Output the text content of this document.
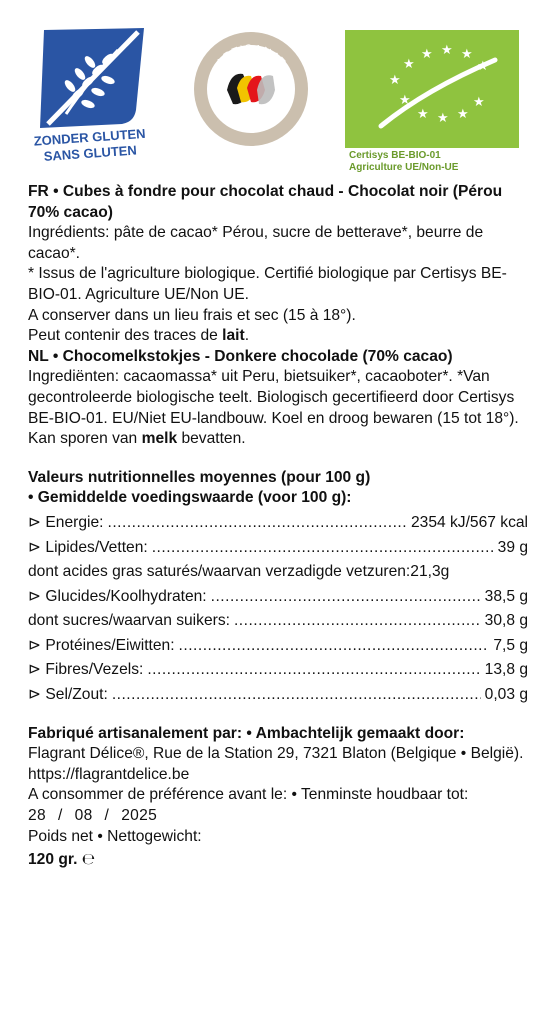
ZONDER GLUTEN
SANS GLUTEN
ARTISANAT
CERTIFIÉ
★
★
★ ★ ★
★
★
★ ★ ★
★
Certisys BE-BIO-01
Agriculture UE/Non-UE

FR • Cubes à fondre pour chocolat chaud - Chocolat noir (Pérou 70% cacao)

Ingrédients: pâte de cacao* Pérou, sucre de betterave*, beurre de cacao*.

* Issus de l'agriculture biologique. Certifié biologique par Certisys BE-BIO-01. Agriculture UE/Non UE.

A conserver dans un lieu frais et sec (15 à 18°).

Peut contenir des traces de lait.

NL • Chocomelkstokjes - Donkere chocolade (70% cacao)

Ingrediënten: cacaomassa* uit Peru, bietsuiker*, cacaoboter*. *Van gecontroleerde biologische teelt. Biologisch gecertifieerd door Certisys BE-BIO-01. EU/Niet EU-landbouw. Koel en droog bewaren (15 tot 18°).

Kan sporen van melk bevatten.

Valeurs nutritionnelles moyennes (pour 100 g)

• Gemiddelde voedingswaarde (voor 100 g):

⊳ Energie: .....	2354 kJ/567 kcal
⊳ Lipides/Vetten: .....	39 g
dont acides gras saturés/waarvan verzadigde vetzuren: 21,3g
⊳ Glucides/Koolhydraten: .....	38,5 g
dont sucres/waarvan suikers: .....	30,8 g
⊳ Protéines/Eiwitten: .....	7,5 g
⊳ Fibres/Vezels: .....	13,8 g
⊳ Sel/Zout: .....	0,03 g

Fabriqué artisanalement par: • Ambachtelijk gemaakt door:

Flagrant Délice®, Rue de la Station 29, 7321 Blaton (Belgique • België). https://flagrantdelice.be

A consommer de préférence avant le: • Tenminste houdbaar tot:

28 / 08 / 2025

Poids net • Nettogewicht:

120 gr. ℮
